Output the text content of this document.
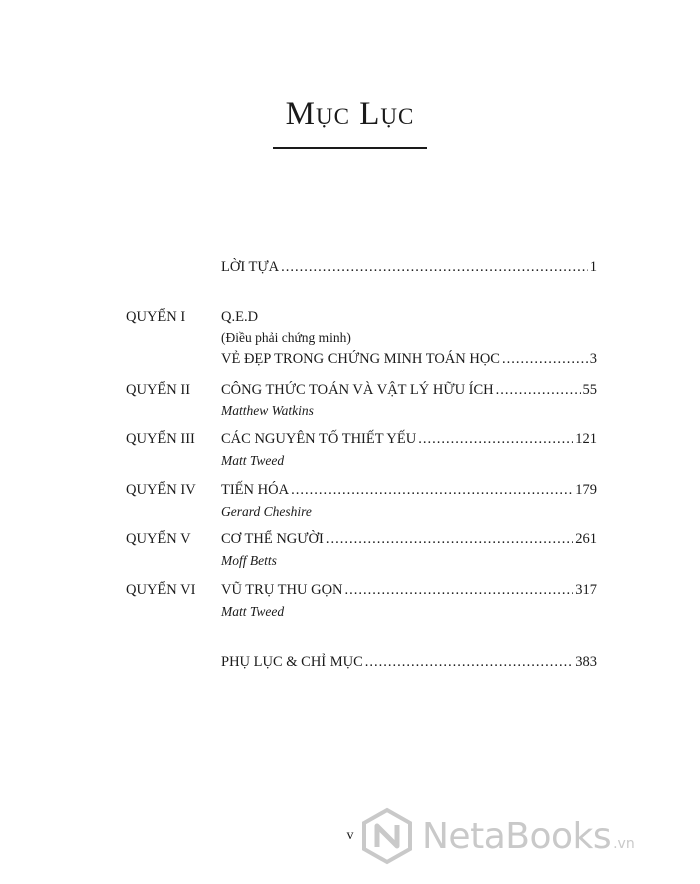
Mục Lục
LỜI TỰA .....	1
QUYỂN I Q.E.D
(Điều phải chứng minh)
VẺ ĐẸP TRONG CHỨNG MINH TOÁN HỌC .....	3
QUYỂN II CÔNG THỨC TOÁN VÀ VẬT LÝ HỮU ÍCH .....	55
Matthew Watkins
QUYỂN III CÁC NGUYÊN TỐ THIẾT YẾU .....	121
Matt Tweed
QUYỂN IV TIẾN HÓA .....	179
Gerard Cheshire
QUYỂN V CƠ THỂ NGƯỜI .....	261
Moff Betts
QUYỂN VI VŨ TRỤ THU GỌN .....	317
Matt Tweed
PHỤ LỤC & CHỈ MỤC .....	383
v	NetaBooks .vn
